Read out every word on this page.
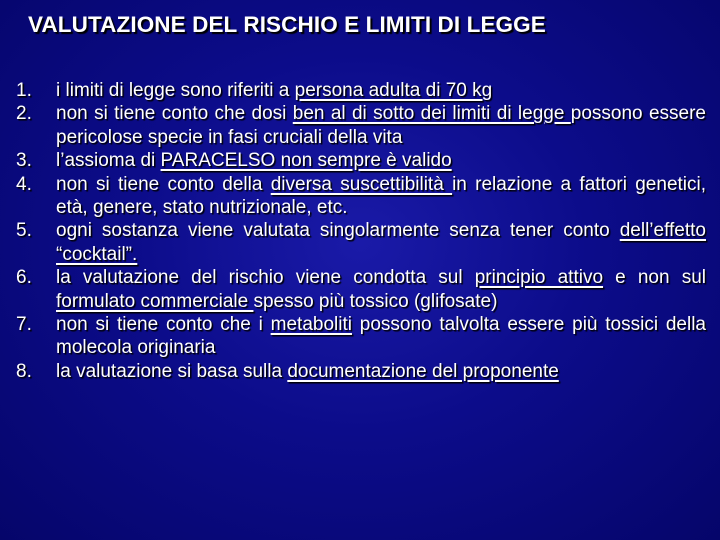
VALUTAZIONE DEL RISCHIO E LIMITI DI LEGGE
1. i limiti di legge sono riferiti a persona adulta di 70 kg
2. non si tiene conto che dosi ben al di sotto dei limiti di legge possono essere pericolose specie in fasi cruciali della vita
3. l’assioma di PARACELSO non sempre è valido
4. non si tiene conto della diversa suscettibilità in relazione a fattori genetici, età, genere, stato nutrizionale, etc.
5. ogni sostanza viene valutata singolarmente senza tener conto dell’effetto “cocktail”.
6. la valutazione del rischio viene condotta sul principio attivo e non sul formulato commerciale spesso più tossico (glifosate)
7. non si tiene conto che i metaboliti possono talvolta essere più tossici della molecola originaria
8. la valutazione si basa sulla documentazione del proponente
